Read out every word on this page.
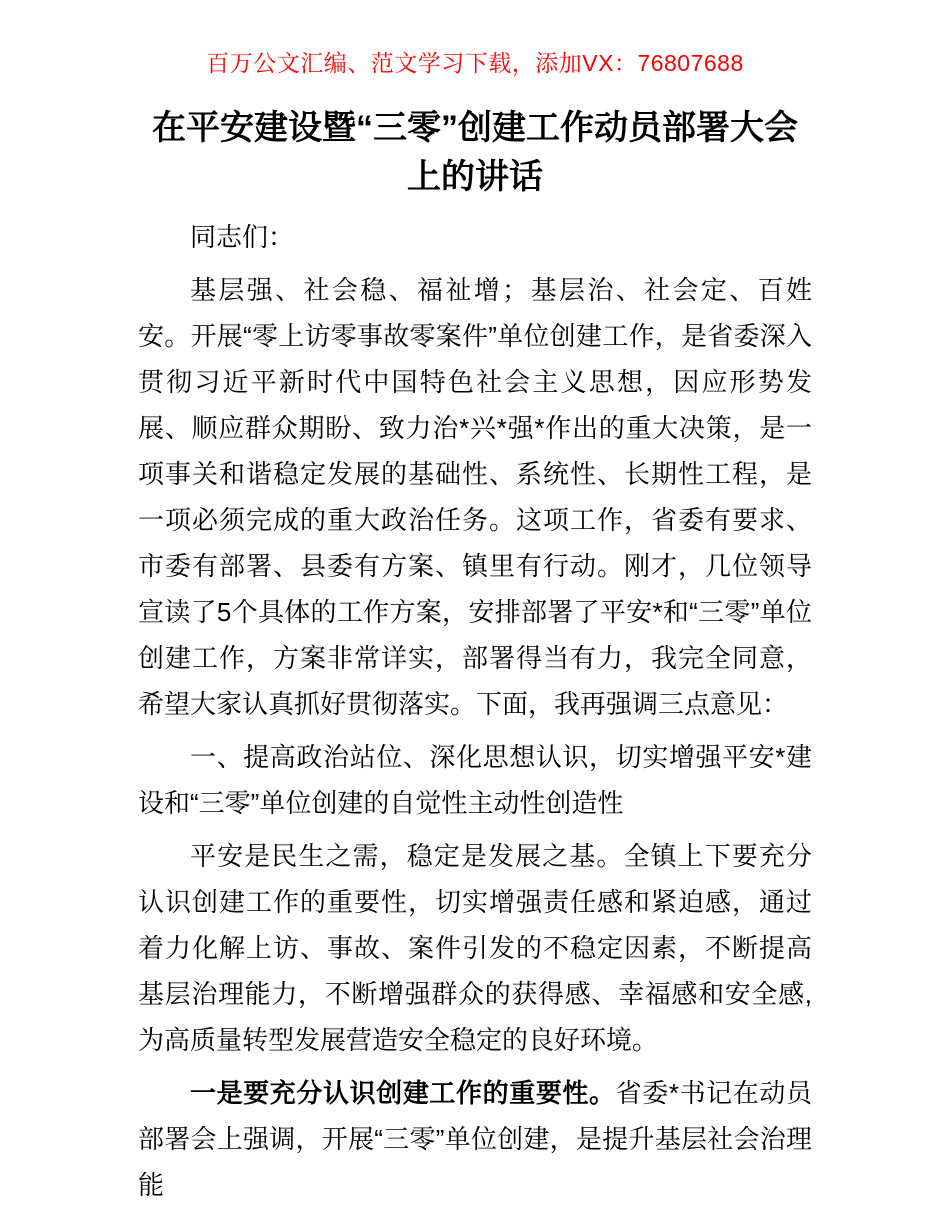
百万公文汇编、范文学习下载，添加VX：76807688
在平安建设暨“三零”创建工作动员部署大会
上的讲话

同志们：

基层强、社会稳、福祉增；基层治、社会定、百姓安。开展“零上访零事故零案件”单位创建工作，是省委深入贯彻习近平新时代中国特色社会主义思想，因应形势发展、顺应群众期盼、致力治*兴*强*作出的重大决策，是一项事关和谐稳定发展的基础性、系统性、长期性工程，是一项必须完成的重大政治任务。这项工作，省委有要求、市委有部署、县委有方案、镇里有行动。刚才，几位领导宣读了5个具体的工作方案，安排部署了平安*和“三零”单位创建工作，方案非常详实，部署得当有力，我完全同意，希望大家认真抓好贯彻落实。下面，我再强调三点意见：

一、提高政治站位、深化思想认识，切实增强平安*建设和“三零”单位创建的自觉性主动性创造性

平安是民生之需，稳定是发展之基。全镇上下要充分认识创建工作的重要性，切实增强责任感和紧迫感，通过着力化解上访、事故、案件引发的不稳定因素，不断提高基层治理能力，不断增强群众的获得感、幸福感和安全感,为高质量转型发展营造安全稳定的良好环境。

一是要充分认识创建工作的重要性。省委*书记在动员部署会上强调，开展“三零”单位创建，是提升基层社会治理能
